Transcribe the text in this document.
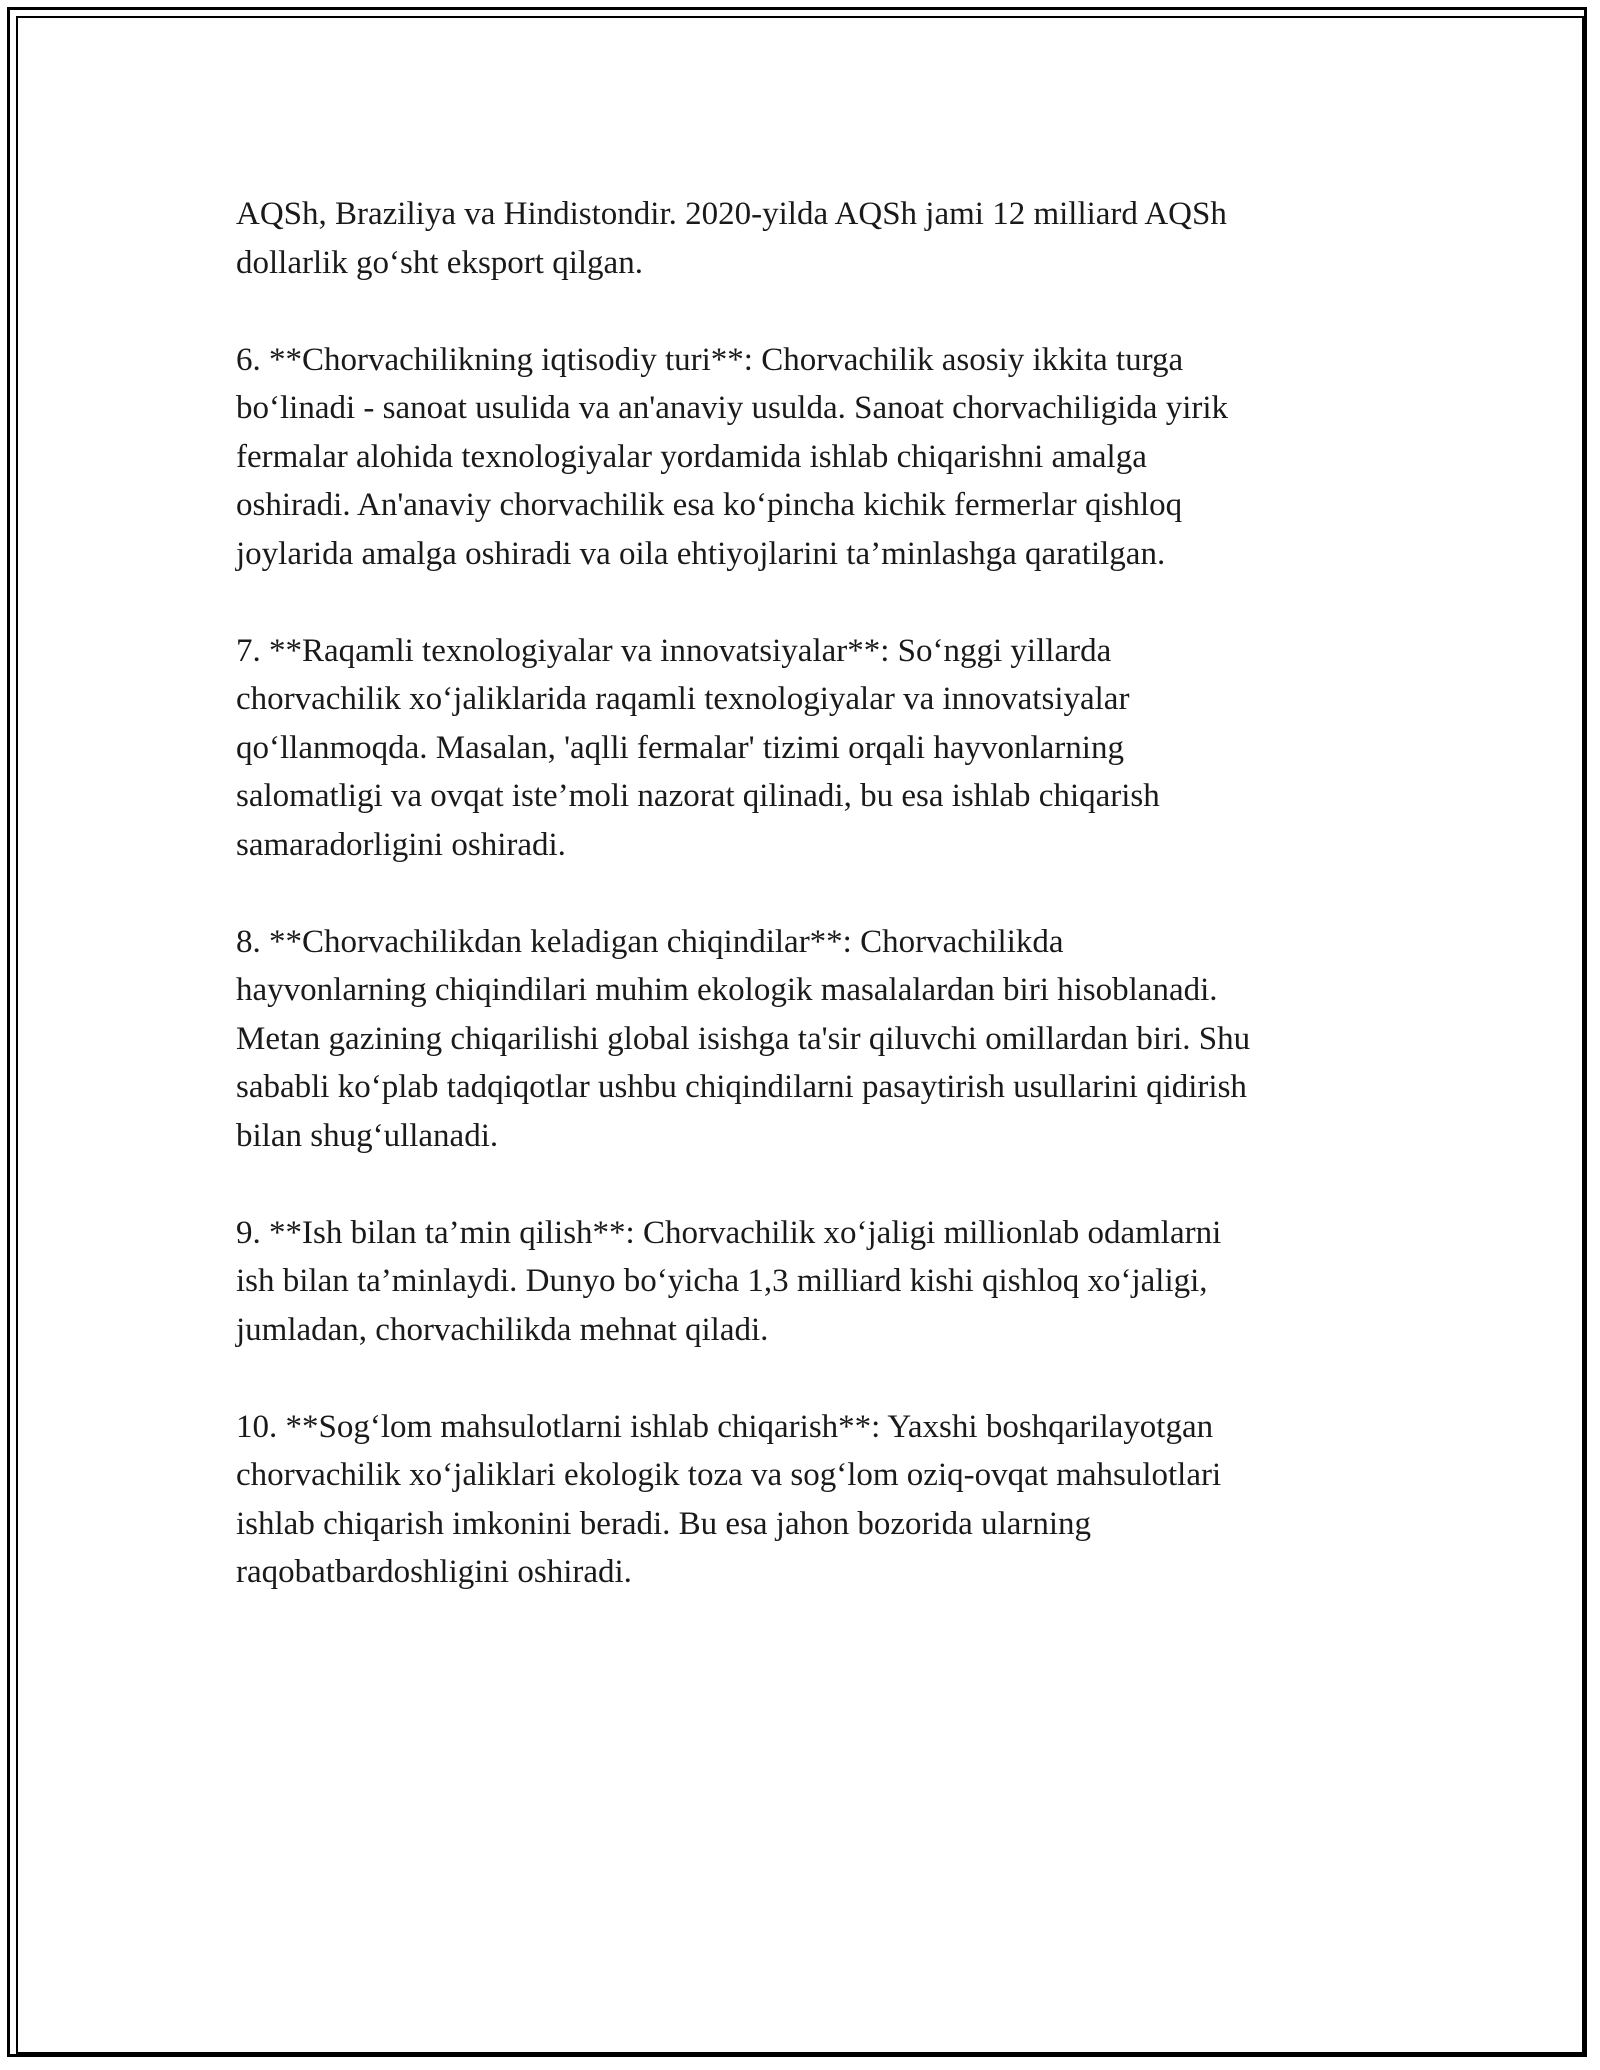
AQSh, Braziliya va Hindistondir. 2020-yilda AQSh jami 12 milliard AQSh
dollarlik go‘sht eksport qilgan.

6. **Chorvachilikning iqtisodiy turi**: Chorvachilik asosiy ikkita turga
bo‘linadi - sanoat usulida va an'anaviy usulda. Sanoat chorvachiligida yirik
fermalar alohida texnologiyalar yordamida ishlab chiqarishni amalga
oshiradi. An'anaviy chorvachilik esa ko‘pincha kichik fermerlar qishloq
joylarida amalga oshiradi va oila ehtiyojlarini ta’minlashga qaratilgan.

7. **Raqamli texnologiyalar va innovatsiyalar**: So‘nggi yillarda
chorvachilik xo‘jaliklarida raqamli texnologiyalar va innovatsiyalar
qo‘llanmoqda. Masalan, 'aqlli fermalar' tizimi orqali hayvonlarning
salomatligi va ovqat iste’moli nazorat qilinadi, bu esa ishlab chiqarish
samaradorligini oshiradi.

8. **Chorvachilikdan keladigan chiqindilar**: Chorvachilikda
hayvonlarning chiqindilari muhim ekologik masalalardan biri hisoblanadi.
Metan gazining chiqarilishi global isishga ta'sir qiluvchi omillardan biri. Shu
sababli ko‘plab tadqiqotlar ushbu chiqindilarni pasaytirish usullarini qidirish
bilan shug‘ullanadi.

9. **Ish bilan ta’min qilish**: Chorvachilik xo‘jaligi millionlab odamlarni
ish bilan ta’minlaydi. Dunyo bo‘yicha 1,3 milliard kishi qishloq xo‘jaligi,
jumladan, chorvachilikda mehnat qiladi.

10. **Sog‘lom mahsulotlarni ishlab chiqarish**: Yaxshi boshqarilayotgan
chorvachilik xo‘jaliklari ekologik toza va sog‘lom oziq-ovqat mahsulotlari
ishlab chiqarish imkonini beradi. Bu esa jahon bozorida ularning
raqobatbardoshligini oshiradi.
